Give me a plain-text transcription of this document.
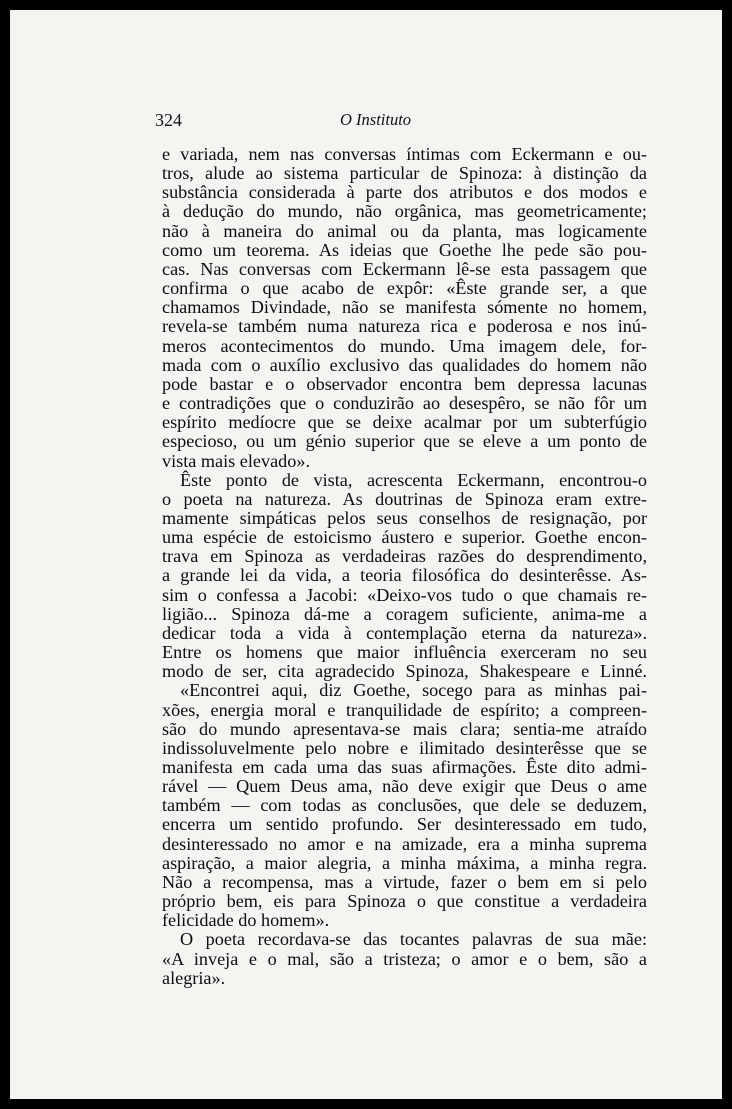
324	O Instituto
e variada, nem nas conversas íntimas com Eckermann e ou-
tros, alude ao sistema particular de Spinoza: à distinção da
substância considerada à parte dos atributos e dos modos e
à dedução do mundo, não orgânica, mas geometricamente;
não à maneira do animal ou da planta, mas logicamente
como um teorema. As ideias que Goethe lhe pede são pou-
cas. Nas conversas com Eckermann lê-se esta passagem que
confirma o que acabo de expôr: «Êste grande ser, a que
chamamos Divindade, não se manifesta sómente no homem,
revela-se também numa natureza rica e poderosa e nos inú-
meros acontecimentos do mundo. Uma imagem dele, for-
mada com o auxílio exclusivo das qualidades do homem não
pode bastar e o observador encontra bem depressa lacunas
e contradições que o conduzirão ao desespêro, se não fôr um
espírito medíocre que se deixe acalmar por um subterfúgio
especioso, ou um génio superior que se eleve a um ponto de
vista mais elevado».
Êste ponto de vista, acrescenta Eckermann, encontrou-o
o poeta na natureza. As doutrinas de Spinoza eram extre-
mamente simpáticas pelos seus conselhos de resignação, por
uma espécie de estoicismo áustero e superior. Goethe encon-
trava em Spinoza as verdadeiras razões do desprendimento,
a grande lei da vida, a teoria filosófica do desinterêsse. As-
sim o confessa a Jacobi: «Deixo-vos tudo o que chamais re-
ligião... Spinoza dá-me a coragem suficiente, anima-me a
dedicar toda a vida à contemplação eterna da natureza».
Entre os homens que maior influência exerceram no seu
modo de ser, cita agradecido Spinoza, Shakespeare e Linné.
«Encontrei aqui, diz Goethe, socego para as minhas pai-
xões, energia moral e tranquilidade de espírito; a compreen-
são do mundo apresentava-se mais clara; sentia-me atraído
indissoluvelmente pelo nobre e ilimitado desinterêsse que se
manifesta em cada uma das suas afirmações. Êste dito admi-
rável — Quem Deus ama, não deve exigir que Deus o ame
também — com todas as conclusões, que dele se deduzem,
encerra um sentido profundo. Ser desinteressado em tudo,
desinteressado no amor e na amizade, era a minha suprema
aspiração, a maior alegria, a minha máxima, a minha regra.
Não a recompensa, mas a virtude, fazer o bem em si pelo
próprio bem, eis para Spinoza o que constitue a verdadeira
felicidade do homem».
O poeta recordava-se das tocantes palavras de sua mãe:
«A inveja e o mal, são a tristeza; o amor e o bem, são a
alegria».
